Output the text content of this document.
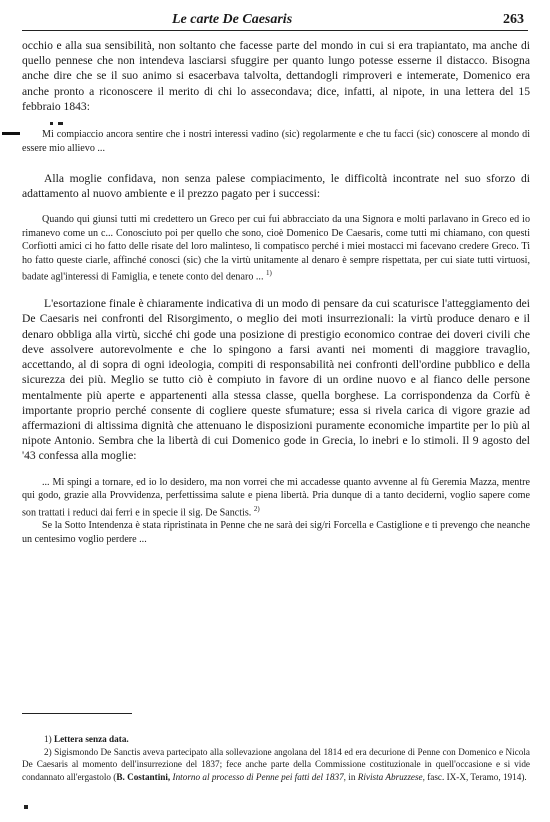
Le carte De Caesaris	263

occhio e alla sua sensibilità, non soltanto che facesse parte del mondo in cui si era trapiantato, ma anche di quello pennese che non intendeva lasciarsi sfuggire per quanto lungo potesse esserne il distacco. Bisogna anche dire che se il suo animo si esacerbava talvolta, dettandogli rimproveri e intemerate, Domenico era anche pronto a riconoscere il merito di chi lo assecondava; dice, infatti, al nipote, in una lettera del 15 febbraio 1843:

Mi compiaccio ancora sentire che i nostri interessi vadino (sic) regolarmente e che tu facci (sic) conoscere al mondo di essere mio allievo ...

Alla moglie confidava, non senza palese compiacimento, le difficoltà incontrate nel suo sforzo di adattamento al nuovo ambiente e il prezzo pagato per i successi:

Quando qui giunsi tutti mi credettero un Greco per cui fui abbracciato da una Signora e molti parlavano in Greco ed io rimanevo come un c... Conosciuto poi per quello che sono, cioè Domenico De Caesaris, come tutti mi chiamano, con questi Corfiotti amici ci ho fatto delle risate del loro malinteso, li compatisco perché i miei mostacci mi facevano credere Greco. Ti ho fatto queste ciarle, affinché conosci (sic) che la virtù unitamente al denaro è sempre rispettata, per cui siate tutti virtuosi, badate agl'interessi di Famiglia, e tenete conto del denaro ... $^{1)}$

L'esortazione finale è chiaramente indicativa di un modo di pensare da cui scaturisce l'atteggiamento dei De Caesaris nei confronti del Risorgimento, o meglio dei moti insurrezionali: la virtù produce denaro e il denaro obbliga alla virtù, sicché chi gode una posizione di prestigio economico contrae dei doveri civili che deve assolvere autorevolmente e che lo spingono a farsi avanti nei momenti di maggiore travaglio, accettando, al di sopra di ogni ideologia, compiti di responsabilità nei confronti dell'ordine pubblico e della sicurezza dei più. Meglio se tutto ciò è compiuto in favore di un ordine nuovo e al fianco delle persone mentalmente più aperte e appartenenti alla stessa classe, quella borghese. La corrispondenza da Corfù è importante proprio perché consente di cogliere queste sfumature; essa si rivela carica di vigore grazie ad affermazioni di altissima dignità che attenuano le disposizioni puramente economiche impartite per lo più al nipote Antonio. Sembra che la libertà di cui Domenico gode in Grecia, lo inebri e lo stimoli. Il 9 agosto del '43 confessa alla moglie:

... Mi spingi a tornare, ed io lo desidero, ma non vorrei che mi accadesse quanto avvenne al fù Geremia Mazza, mentre qui godo, grazie alla Provvidenza, perfettissima salute e piena libertà. Pria dunque di a tanto deciderni, voglio sapere come son trattati i reduci dai ferri e in specie il sig. De Sanctis. $^{2)}$

Se la Sotto Intendenza è stata ripristinata in Penne che ne sarà dei sig/ri Forcella e Castiglione e ti prevengo che neanche un centesimo voglio perdere ...

1) Lettera senza data.

2) Sigismondo De Sanctis aveva partecipato alla sollevazione angolana del 1814 ed era decurione di Penne con Domenico e Nicola De Caesaris al momento dell'insurrezione del 1837; fece anche parte della Commissione costituzionale in quell'occasione e si vide condannato all'ergastolo (B. Costantini, Intorno al processo di Penne pei fatti del 1837, in Rivista Abruzzese, fasc. IX-X, Teramo, 1914).
